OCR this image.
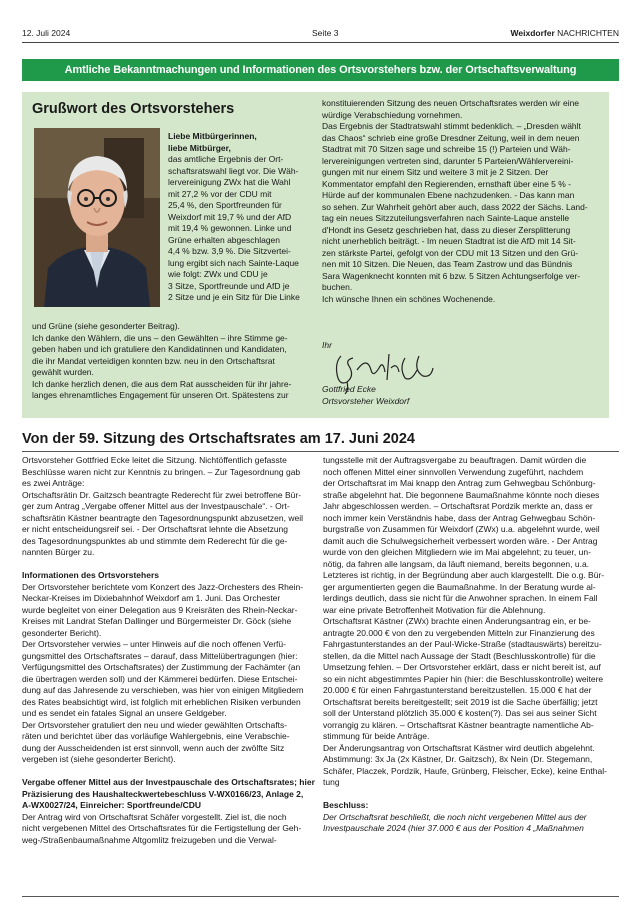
12. Juli 2024	Seite 3	Weixdorfer NACHRICHTEN
Amtliche Bekanntmachungen und Informationen des Ortsvorstehers bzw. der Ortschaftsverwaltung
Grußwort des Ortsvorstehers
Liebe Mitbürgerinnen,
liebe Mitbürger,
das amtliche Ergebnis der Ort-
schaftsratswahl liegt vor. Die Wäh-
lervereinigung ZWx hat die Wahl
mit 27,2 % vor der CDU mit
25,4 %, den Sportfreunden für
Weixdorf mit 19,7 % und der AfD
mit 19,4 % gewonnen. Linke und
Grüne erhalten abgeschlagen
4,4 % bzw. 3,9 %. Die Sitzvertei-
lung ergibt sich nach Sainte-Laque
wie folgt: ZWx und CDU je
3 Sitze, Sportfreunde und AfD je
2 Sitze und je ein Sitz für Die Linke
und Grüne (siehe gesonderter Beitrag).
Ich danke den Wählern, die uns – den Gewählten – ihre Stimme ge-
geben haben und ich gratuliere den Kandidatinnen und Kandidaten,
die ihr Mandat verteidigen konnten bzw. neu in den Ortschaftsrat
gewählt wurden.
Ich danke herzlich denen, die aus dem Rat ausscheiden für ihr jahre-
langes ehrenamtliches Engagement für unseren Ort. Spätestens zur
konstituierenden Sitzung des neuen Ortschaftsrates werden wir eine
würdige Verabschiedung vornehmen.
Das Ergebnis der Stadtratswahl stimmt bedenklich. – „Dresden wählt
das Chaos“ schrieb eine große Dresdner Zeitung, weil in dem neuen
Stadtrat mit 70 Sitzen sage und schreibe 15 (!) Parteien und Wäh-
lervereinigungen vertreten sind, darunter 5 Parteien/Wählervereini-
gungen mit nur einem Sitz und weitere 3 mit je 2 Sitzen. Der
Kommentator empfahl den Regierenden, ernsthaft über eine 5 % -
Hürde auf der kommunalen Ebene nachzudenken. - Das kann man
so sehen. Zur Wahrheit gehört aber auch, dass 2022 der Sächs. Land-
tag ein neues Sitzzuteilungsverfahren nach Sainte-Laque anstelle
d'Hondt ins Gesetz geschrieben hat, dass zu dieser Zersplitterung
nicht unerheblich beiträgt. - Im neuen Stadtrat ist die AfD mit 14 Sit-
zen stärkste Partei, gefolgt von der CDU mit 13 Sitzen und den Grü-
nen mit 10 Sitzen. Die Neuen, das Team Zastrow und das Bündnis
Sara Wagenknecht konnten mit 6 bzw. 5 Sitzen Achtungserfolge ver-
buchen.
Ich wünsche Ihnen ein schönes Wochenende.
Ihr
Gottfried Ecke
Ortsvorsteher Weixdorf
Von der 59. Sitzung des Ortschaftsrates am 17. Juni 2024
Ortsvorsteher Gottfried Ecke leitet die Sitzung. Nichtöffentlich gefasste
Beschlüsse waren nicht zur Kenntnis zu bringen. – Zur Tagesordnung gab
es zwei Anträge:
Ortschaftsrätin Dr. Gaitzsch beantragte Rederecht für zwei betroffene Bür-
ger zum Antrag „Vergabe offener Mittel aus der Investpauschale“. - Ort-
schaftsrätin Kästner beantragte den Tagesordnungspunkt abzusetzen, weil
er nicht entscheidungsreif sei. - Der Ortschaftsrat lehnte die Absetzung
des Tagesordnungspunktes ab und stimmte dem Rederecht für die ge-
nannten Bürger zu.
Informationen des Ortsvorstehers
Der Ortsvorsteher berichtete vom Konzert des Jazz-Orchesters des Rhein-
Neckar-Kreises im Dixiebahnhof Weixdorf am 1. Juni. Das Orchester
wurde begleitet von einer Delegation aus 9 Kreisräten des Rhein-Neckar-
Kreises mit Landrat Stefan Dallinger und Bürgermeister Dr. Göck (siehe
gesonderter Bericht).
Der Ortsvorsteher verwies – unter Hinweis auf die noch offenen Verfü-
gungsmittel des Ortschaftsrates – darauf, dass Mittelübertragungen (hier:
Verfügungsmittel des Ortschaftsrates) der Zustimmung der Fachämter (an
die übertragen werden soll) und der Kämmerei bedürfen. Diese Entschei-
dung auf das Jahresende zu verschieben, was hier von einigen Mitgliedern
des Rates beabsichtigt wird, ist folglich mit erheblichen Risiken verbunden
und es sendet ein fatales Signal an unsere Geldgeber.
Der Ortsvorsteher gratuliert den neu und wieder gewählten Ortschafts-
räten und berichtet über das vorläufige Wahlergebnis, eine Verabschie-
dung der Ausscheidenden ist erst sinnvoll, wenn auch der zwölfte Sitz
vergeben ist (siehe gesonderter Bericht).
Vergabe offener Mittel aus der Investpauschale des Ortschaftsrates; hier
Präzisierung des Haushalteckwertebeschluss V-WX0166/23, Anlage 2,
A-WX0027/24, Einreicher: Sportfreunde/CDU
Der Antrag wird von Ortschaftsrat Schäfer vorgestellt. Ziel ist, die noch
nicht vergebenen Mittel des Ortschaftsrates für die Fertigstellung der Geh-
weg-/Straßenbaumaßnahme Altgomlitz freizugeben und die Verwal-
tungsstelle mit der Auftragsvergabe zu beauftragen. Damit würden die
noch offenen Mittel einer sinnvollen Verwendung zugeführt, nachdem
der Ortschaftsrat im Mai knapp den Antrag zum Gehwegbau Schönburg-
straße abgelehnt hat. Die begonnene Baumaßnahme könnte noch dieses
Jahr abgeschlossen werden. – Ortschaftsrat Pordzik merkte an, dass er
noch immer kein Verständnis habe, dass der Antrag Gehwegbau Schön-
burgstraße von Zusammen für Weixdorf (ZWx) u.a. abgelehnt wurde, weil
damit auch die Schulwegsicherheit verbessert worden wäre. - Der Antrag
wurde von den gleichen Mitgliedern wie im Mai abgelehnt; zu teuer, un-
nötig, da fahren alle langsam, da läuft niemand, bereits begonnen, u.a.
Letzteres ist richtig, in der Begründung aber auch klargestellt. Die o.g. Bür-
ger argumentierten gegen die Baumaßnahme. In der Beratung wurde al-
lerdings deutlich, dass sie nicht für die Anwohner sprachen. In einem Fall
war eine private Betroffenheit Motivation für die Ablehnung.
Ortschaftsrat Kästner (ZWx) brachte einen Änderungsantrag ein, er be-
antragte 20.000 € von den zu vergebenden Mitteln zur Finanzierung des
Fahrgastunterstandes an der Paul-Wicke-Straße (stadtauswärts) bereitzu-
stellen, da die Mittel nach Aussage der Stadt (Beschlusskontrolle) für die
Umsetzung fehlen. – Der Ortsvorsteher erklärt, dass er nicht bereit ist, auf
so ein nicht abgestimmtes Papier hin (hier: die Beschlusskontrolle) weitere
20.000 € für einen Fahrgastunterstand bereitzustellen. 15.000 € hat der
Ortschaftsrat bereits bereitgestellt; seit 2019 ist die Sache überfällig; jetzt
soll der Unterstand plötzlich 35.000 € kosten(?). Das sei aus seiner Sicht
vorrangig zu klären. – Ortschaftsrat Kästner beantragte namentliche Ab-
stimmung für beide Anträge.
Der Änderungsantrag von Ortschaftsrat Kästner wird deutlich abgelehnt.
Abstimmung: 3x Ja (2x Kästner, Dr. Gaitzsch), 8x Nein (Dr. Stegemann,
Schäfer, Placzek, Pordzik, Haufe, Grünberg, Fleischer, Ecke), keine Enthal-
tung
Beschluss:
Der Ortschaftsrat beschließt, die noch nicht vergebenen Mittel aus der
Investpauschale 2024 (hier 37.000 € aus der Position 4 „Maßnahmen
